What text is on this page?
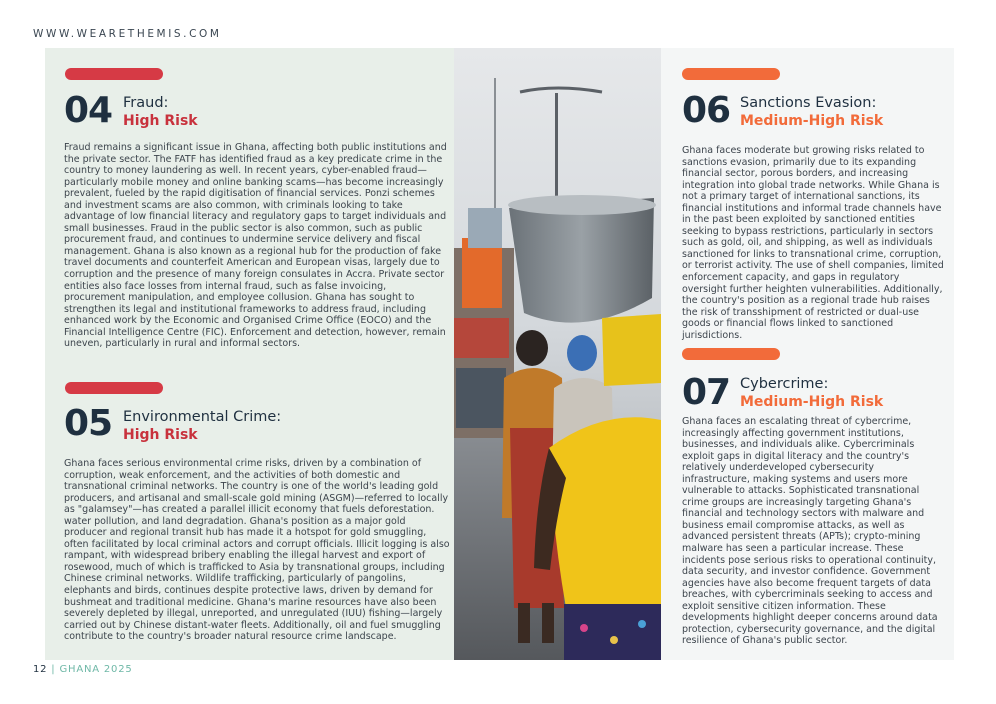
WWW.WEARETHEMIS.COM
04 Fraud:
High Risk

Fraud remains a significant issue in Ghana, affecting both public institutions and the private sector. The FATF has identified fraud as a key predicate crime in the country to money laundering as well. In recent years, cyber-enabled fraud—particularly mobile money and online banking scams—has become increasingly prevalent, fueled by the rapid digitisation of financial services. Ponzi schemes and investment scams are also common, with criminals looking to take advantage of low financial literacy and regulatory gaps to target individuals and small businesses. Fraud in the public sector is also common, such as public procurement fraud, and continues to undermine service delivery and fiscal management. Ghana is also known as a regional hub for the production of fake travel documents and counterfeit American and European visas, largely due to corruption and the presence of many foreign consulates in Accra. Private sector entities also face losses from internal fraud, such as false invoicing, procurement manipulation, and employee collusion. Ghana has sought to strengthen its legal and institutional frameworks to address fraud, including enhanced work by the Economic and Organised Crime Office (EOCO) and the Financial Intelligence Centre (FIC). Enforcement and detection, however, remain uneven, particularly in rural and informal sectors.

05 Environmental Crime:
High Risk

Ghana faces serious environmental crime risks, driven by a combination of corruption, weak enforcement, and the activities of both domestic and transnational criminal networks. The country is one of the world's leading gold producers, and artisanal and small-scale gold mining (ASGM)—referred to locally as "galamsey"—has created a parallel illicit economy that fuels deforestation. water pollution, and land degradation. Ghana's position as a major gold producer and regional transit hub has made it a hotspot for gold smuggling, often facilitated by local criminal actors and corrupt officials. Illicit logging is also rampant, with widespread bribery enabling the illegal harvest and export of rosewood, much of which is trafficked to Asia by transnational groups, including Chinese criminal networks. Wildlife trafficking, particularly of pangolins, elephants and birds, continues despite protective laws, driven by demand for bushmeat and traditional medicine. Ghana's marine resources have also been severely depleted by illegal, unreported, and unregulated (IUU) fishing—largely carried out by Chinese distant-water fleets. Additionally, oil and fuel smuggling contribute to the country's broader natural resource crime landscape.

06 Sanctions Evasion:
Medium-High Risk

Ghana faces moderate but growing risks related to sanctions evasion, primarily due to its expanding financial sector, porous borders, and increasing integration into global trade networks. While Ghana is not a primary target of international sanctions, its financial institutions and informal trade channels have in the past been exploited by sanctioned entities seeking to bypass restrictions, particularly in sectors such as gold, oil, and shipping, as well as individuals sanctioned for links to transnational crime, corruption, or terrorist activity. The use of shell companies, limited enforcement capacity, and gaps in regulatory oversight further heighten vulnerabilities. Additionally, the country's position as a regional trade hub raises the risk of transshipment of restricted or dual-use goods or financial flows linked to sanctioned jurisdictions.

07 Cybercrime:
Medium-High Risk

Ghana faces an escalating threat of cybercrime, increasingly affecting government institutions, businesses, and individuals alike. Cybercriminals exploit gaps in digital literacy and the country's relatively underdeveloped cybersecurity infrastructure, making systems and users more vulnerable to attacks. Sophisticated transnational crime groups are increasingly targeting Ghana's financial and technology sectors with malware and business email compromise attacks, as well as advanced persistent threats (APTs); crypto-mining malware has seen a particular increase. These incidents pose serious risks to operational continuity, data security, and investor confidence. Government agencies have also become frequent targets of data breaches, with cybercriminals seeking to access and exploit sensitive citizen information. These developments highlight deeper concerns around data protection, cybersecurity governance, and the digital resilience of Ghana's public sector.

12 | GHANA 2025
